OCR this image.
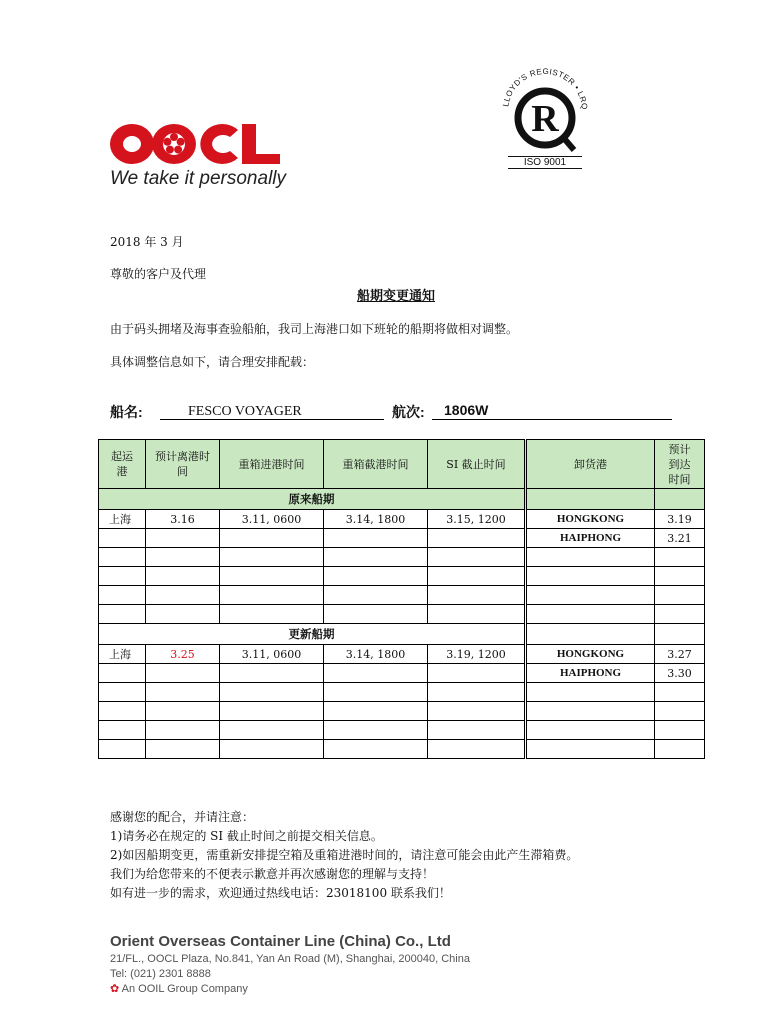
We take it personally
LLOYD'S REGISTER • LRQ
R
ISO 9001
2018 年 3 月
尊敬的客户及代理
船期变更通知
由于码头拥堵及海事查验船舶，我司上海港口如下班轮的船期将做相对调整。
具体调整信息如下，请合理安排配载：
船名:	FESCO VOYAGER	航次:	1806W
起运港	预计离港时间	重箱进港时间	重箱截港时间	SI 截止时间	卸货港	预计到达时间

原来船期						
上海	3.16	3.11, 0600	3.14, 1800	3.15, 1200	HONGKONG	3.19
					HAIPHONG	3.21

更新船期						
上海	3.25	3.11, 0600	3.14, 1800	3.19, 1200	HONGKONG	3.27
					HAIPHONG	3.30

感谢您的配合，并请注意：
1)请务必在规定的 SI 截止时间之前提交相关信息。
2)如因船期变更，需重新安排提空箱及重箱进港时间的，请注意可能会由此产生滞箱费。
我们为给您带来的不便表示歉意并再次感谢您的理解与支持！
如有进一步的需求，欢迎通过热线电话：23018100 联系我们！
Orient Overseas Container Line (China) Co., Ltd
21/FL., OOCL Plaza, No.841, Yan An Road (M), Shanghai, 200040, China
Tel: (021) 2301 8888
✿ An OOIL Group Company
